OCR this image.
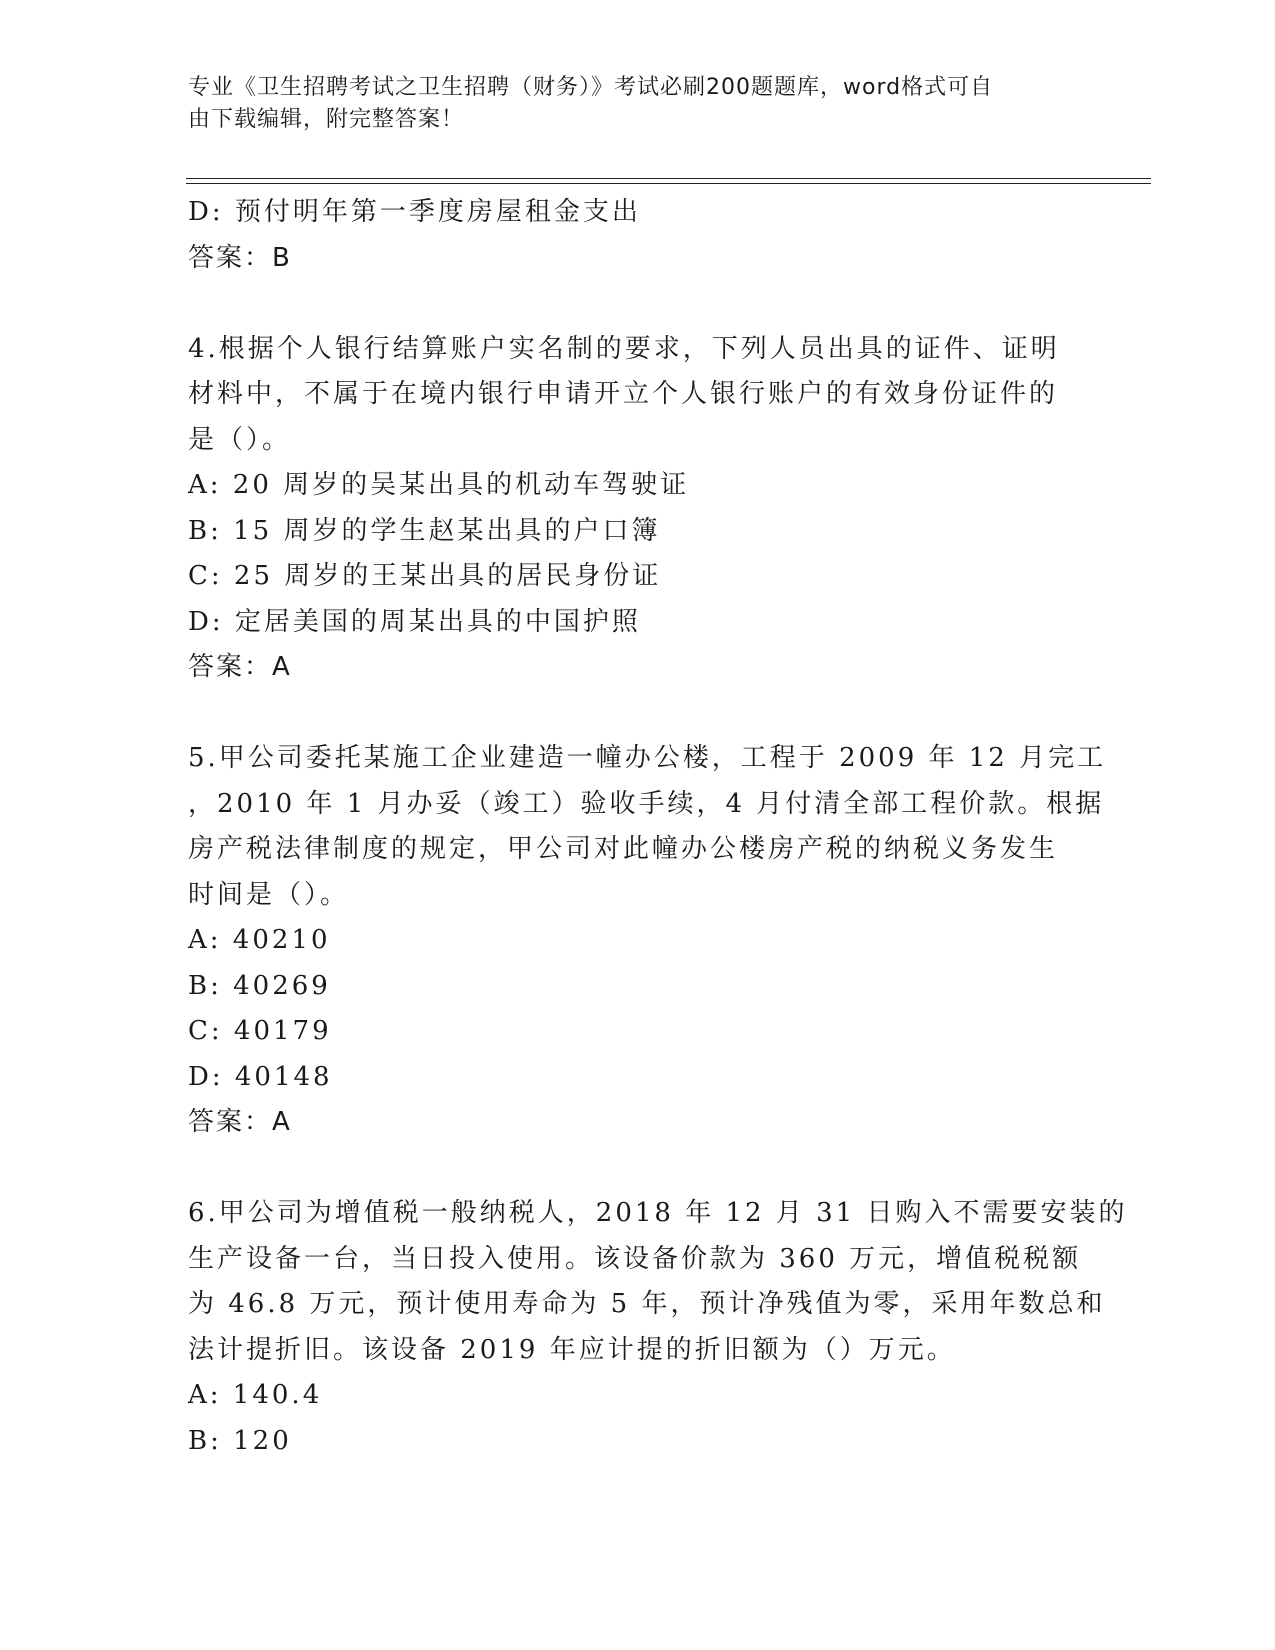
专业《卫生招聘考试之卫生招聘（财务）》考试必刷200题题库，word格式可自
由下载编辑，附完整答案！
D: 预付明年第一季度房屋租金支出
答案：B
4.根据个人银行结算账户实名制的要求，下列人员出具的证件、证明
材料中，不属于在境内银行申请开立个人银行账户的有效身份证件的
是（）。
A: 20 周岁的吴某出具的机动车驾驶证
B: 15 周岁的学生赵某出具的户口簿
C: 25 周岁的王某出具的居民身份证
D: 定居美国的周某出具的中国护照
答案：A
5.甲公司委托某施工企业建造一幢办公楼，工程于 2009 年 12 月完工
，2010 年 1 月办妥（竣工）验收手续，4 月付清全部工程价款。根据
房产税法律制度的规定，甲公司对此幢办公楼房产税的纳税义务发生
时间是（）。
A: 40210
B: 40269
C: 40179
D: 40148
答案：A
6.甲公司为增值税一般纳税人，2018 年 12 月 31 日购入不需要安装的
生产设备一台，当日投入使用。该设备价款为 360 万元，增值税税额
为 46.8 万元，预计使用寿命为 5 年，预计净残值为零，采用年数总和
法计提折旧。该设备 2019 年应计提的折旧额为（）万元。
A: 140.4
B: 120
